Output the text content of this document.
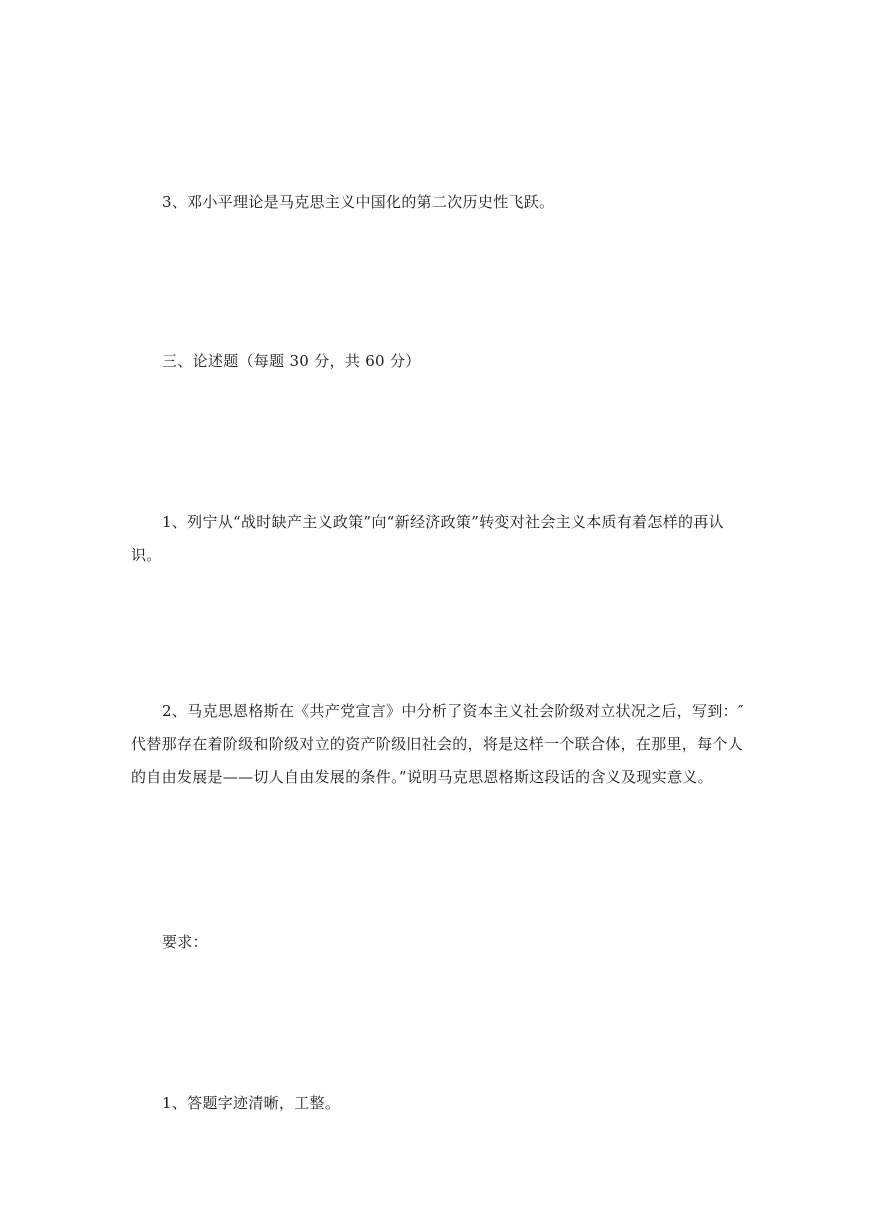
3、邓小平理论是马克思主义中国化的第二次历史性飞跃。

三、论述题（每题 30 分，共 60 分）

1、列宁从“战时缺产主义政策”向“新经济政策”转变对社会主义本质有着怎样的再认识。

2、马克思恩格斯在《共产党宣言》中分析了资本主义社会阶级对立状况之后，写到：″代替那存在着阶级和阶级对立的资产阶级旧社会的，将是这样一个联合体，在那里，每个人的自由发展是——切人自由发展的条件。”说明马克思恩格斯这段话的含义及现实意义。

要求：

1、答题字迹清晰，工整。
